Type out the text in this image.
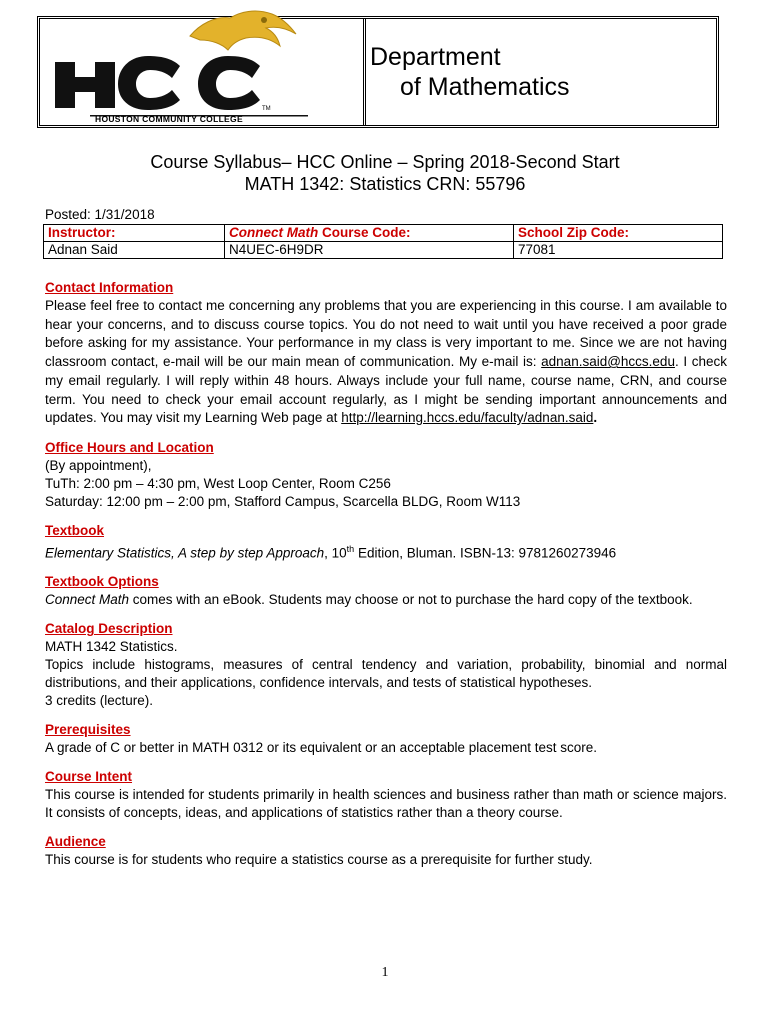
TM
HOUSTON COMMUNITY COLLEGE
Department
of Mathematics
Course Syllabus– HCC Online – Spring 2018-Second Start
MATH 1342: Statistics CRN: 55796
Posted: 1/31/2018
Instructor:	Connect Math Course Code:	School Zip Code:
Adnan Said	N4UEC-6H9DR	77081
Contact Information

Please feel free to contact me concerning any problems that you are experiencing in this course. I am available to hear your concerns, and to discuss course topics. You do not need to wait until you have received a poor grade before asking for my assistance. Your performance in my class is very important to me. Since we are not having classroom contact, e-mail will be our main mean of communication. My e-mail is: adnan.said@hccs.edu. I check my email regularly. I will reply within 48 hours. Always include your full name, course name, CRN, and course term. You need to check your email account regularly, as I might be sending important announcements and updates. You may visit my Learning Web page at http://learning.hccs.edu/faculty/adnan.said.

Office Hours and Location

(By appointment),

TuTh: 2:00 pm – 4:30 pm, West Loop Center, Room C256

Saturday: 12:00 pm – 2:00 pm, Stafford Campus, Scarcella BLDG, Room W113

Textbook

Elementary Statistics, A step by step Approach, 10th Edition, Bluman. ISBN-13: 9781260273946

Textbook Options

Connect Math comes with an eBook. Students may choose or not to purchase the hard copy of the textbook.

Catalog Description

MATH 1342 Statistics.

Topics include histograms, measures of central tendency and variation, probability, binomial and normal distributions, and their applications, confidence intervals, and tests of statistical hypotheses.

3 credits (lecture).

Prerequisites

A grade of C or better in MATH 0312 or its equivalent or an acceptable placement test score.

Course Intent

This course is intended for students primarily in health sciences and business rather than math or science majors. It consists of concepts, ideas, and applications of statistics rather than a theory course.

Audience

This course is for students who require a statistics course as a prerequisite for further study.

1
